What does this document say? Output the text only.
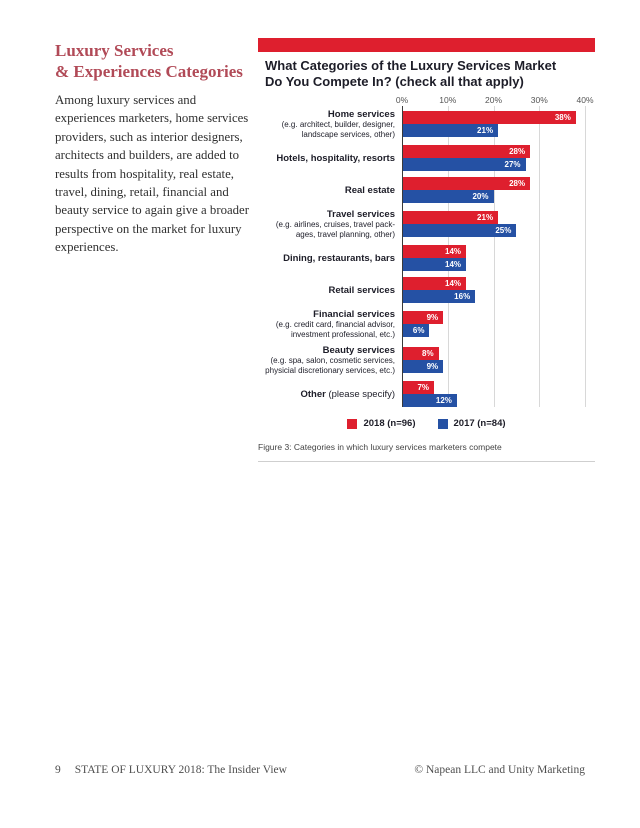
Luxury Services
& Experiences Categories

Among luxury services and experiences marketers, home services providers, such as interior designers, architects and builders, are added to results from hospitality, real estate, travel, dining, retail, financial and beauty service to again give a broader perspective on the market for luxury experiences.

What Categories of the Luxury Services Market
Do You Compete In? (check all that apply)
0%	10%	20%	30%	40%
Home services
(e.g. architect, builder, designer,
landscape services, other)
38%
21%
Hotels, hospitality, resorts
28%
27%
Real estate
28%
20%
Travel services
(e.g. airlines, cruises, travel pack-
ages, travel planning, other)
21%
25%
Dining, restaurants, bars
14%
14%
Retail services
14%
16%
Financial services
(e.g. credit card, financial advisor,
investment professional, etc.)
9%
6%
Beauty services
(e.g. spa, salon, cosmetic services,
physicial discretionary services, etc.)
8%
9%
Other (please specify)
7%
12%
2018 (n=96)	2017 (n=84)
Figure 3: Categories in which luxury services marketers compete
9 STATE OF LUXURY 2018: The Insider View	© Napean LLC and Unity Marketing
